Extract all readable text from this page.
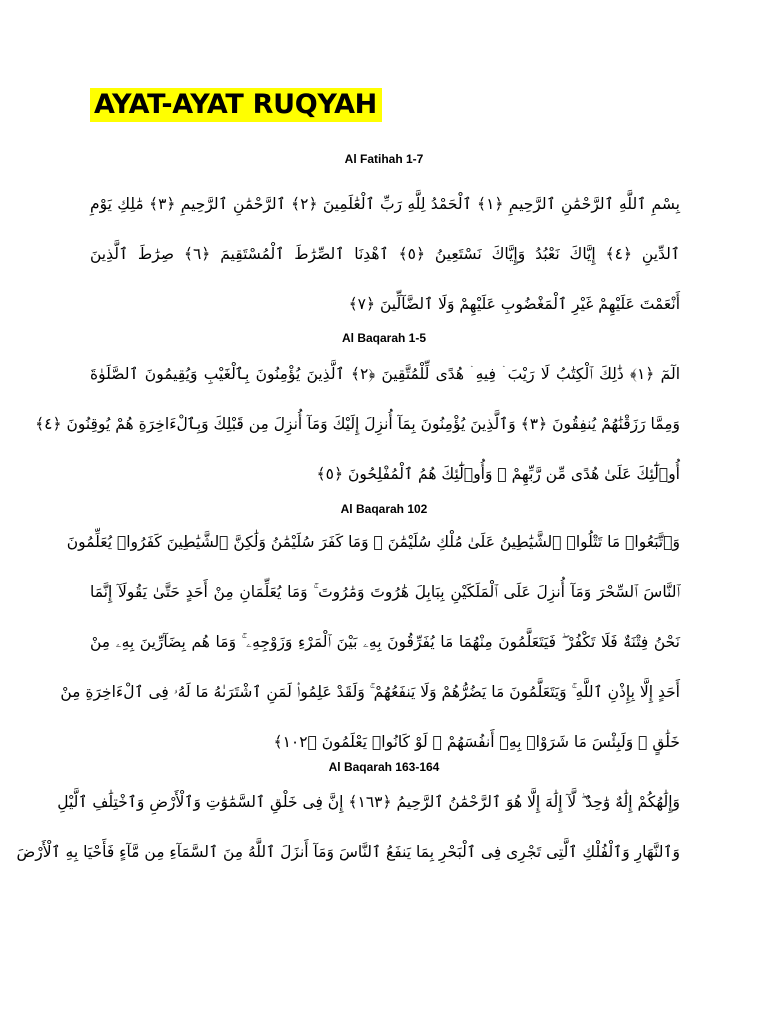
AYAT-AYAT RUQYAH
Al Fatihah 1-7
بِسْمِ ٱللَّهِ ٱلرَّحْمَٰنِ ٱلرَّحِيمِ ﴿١﴾ ٱلْحَمْدُ لِلَّهِ رَبِّ ٱلْعَٰلَمِينَ ﴿٢﴾ ٱلرَّحْمَٰنِ ٱلرَّحِيمِ ﴿٣﴾ مَٰلِكِ يَوْمِ
ٱلدِّينِ ﴿٤﴾ إِيَّاكَ نَعْبُدُ وَإِيَّاكَ نَسْتَعِينُ ﴿٥﴾ ٱهْدِنَا ٱلصِّرَٰطَ ٱلْمُسْتَقِيمَ ﴿٦﴾ صِرَٰطَ ٱلَّذِينَ
أَنْعَمْتَ عَلَيْهِمْ غَيْرِ ٱلْمَغْضُوبِ عَلَيْهِمْ وَلَا ٱلضَّآلِّينَ ﴿٧﴾
Al Baqarah 1-5
الٓمٓ ﴿١﴾ ذَٰلِكَ ٱلْكِتَٰبُ لَا رَيْبَ ۛ فِيهِ ۛ هُدًى لِّلْمُتَّقِينَ ﴿٢﴾ ٱلَّذِينَ يُؤْمِنُونَ بِٱلْغَيْبِ وَيُقِيمُونَ ٱلصَّلَوٰةَ
وَمِمَّا رَزَقْنَٰهُمْ يُنفِقُونَ ﴿٣﴾ وَٱلَّذِينَ يُؤْمِنُونَ بِمَآ أُنزِلَ إِلَيْكَ وَمَآ أُنزِلَ مِن قَبْلِكَ وَبِٱلْءَاخِرَةِ هُمْ يُوقِنُونَ ﴿٤﴾
أُو۟لَٰٓئِكَ عَلَىٰ هُدًى مِّن رَّبِّهِمْ ۖ وَأُو۟لَٰٓئِكَ هُمُ ٱلْمُفْلِحُونَ ﴿٥﴾
Al Baqarah 102
وَٱتَّبَعُوا۟ مَا تَتْلُوا۟ ٱلشَّيَٰطِينُ عَلَىٰ مُلْكِ سُلَيْمَٰنَ ۖ وَمَا كَفَرَ سُلَيْمَٰنُ وَلَٰكِنَّ ٱلشَّيَٰطِينَ كَفَرُوا۟ يُعَلِّمُونَ
ٱلنَّاسَ ٱلسِّحْرَ وَمَآ أُنزِلَ عَلَى ٱلْمَلَكَيْنِ بِبَابِلَ هَٰرُوتَ وَمَٰرُوتَ ۚ وَمَا يُعَلِّمَانِ مِنْ أَحَدٍ حَتَّىٰ يَقُولَآ إِنَّمَا
نَحْنُ فِتْنَةٌ فَلَا تَكْفُرْ ۖ فَيَتَعَلَّمُونَ مِنْهُمَا مَا يُفَرِّقُونَ بِهِۦ بَيْنَ ٱلْمَرْءِ وَزَوْجِهِۦ ۚ وَمَا هُم بِضَآرِّينَ بِهِۦ مِنْ
أَحَدٍ إِلَّا بِإِذْنِ ٱللَّهِ ۚ وَيَتَعَلَّمُونَ مَا يَضُرُّهُمْ وَلَا يَنفَعُهُمْ ۚ وَلَقَدْ عَلِمُوا۟ لَمَنِ ٱشْتَرَىٰهُ مَا لَهُۥ فِى ٱلْءَاخِرَةِ مِنْ
خَلَٰقٍ ۚ وَلَبِئْسَ مَا شَرَوْا۟ بِهِۦٓ أَنفُسَهُمْ ۚ لَوْ كَانُوا۟ يَعْلَمُونَ ﴿١٠٢﴾
Al Baqarah 163-164
وَإِلَٰهُكُمْ إِلَٰهٌ وَٰحِدٌ ۖ لَّآ إِلَٰهَ إِلَّا هُوَ ٱلرَّحْمَٰنُ ٱلرَّحِيمُ ﴿١٦٣﴾ إِنَّ فِى خَلْقِ ٱلسَّمَٰوَٰتِ وَٱلْأَرْضِ وَٱخْتِلَٰفِ ٱلَّيْلِ
وَٱلنَّهَارِ وَٱلْفُلْكِ ٱلَّتِى تَجْرِى فِى ٱلْبَحْرِ بِمَا يَنفَعُ ٱلنَّاسَ وَمَآ أَنزَلَ ٱللَّهُ مِنَ ٱلسَّمَآءِ مِن مَّآءٍ فَأَحْيَا بِهِ ٱلْأَرْضَ
